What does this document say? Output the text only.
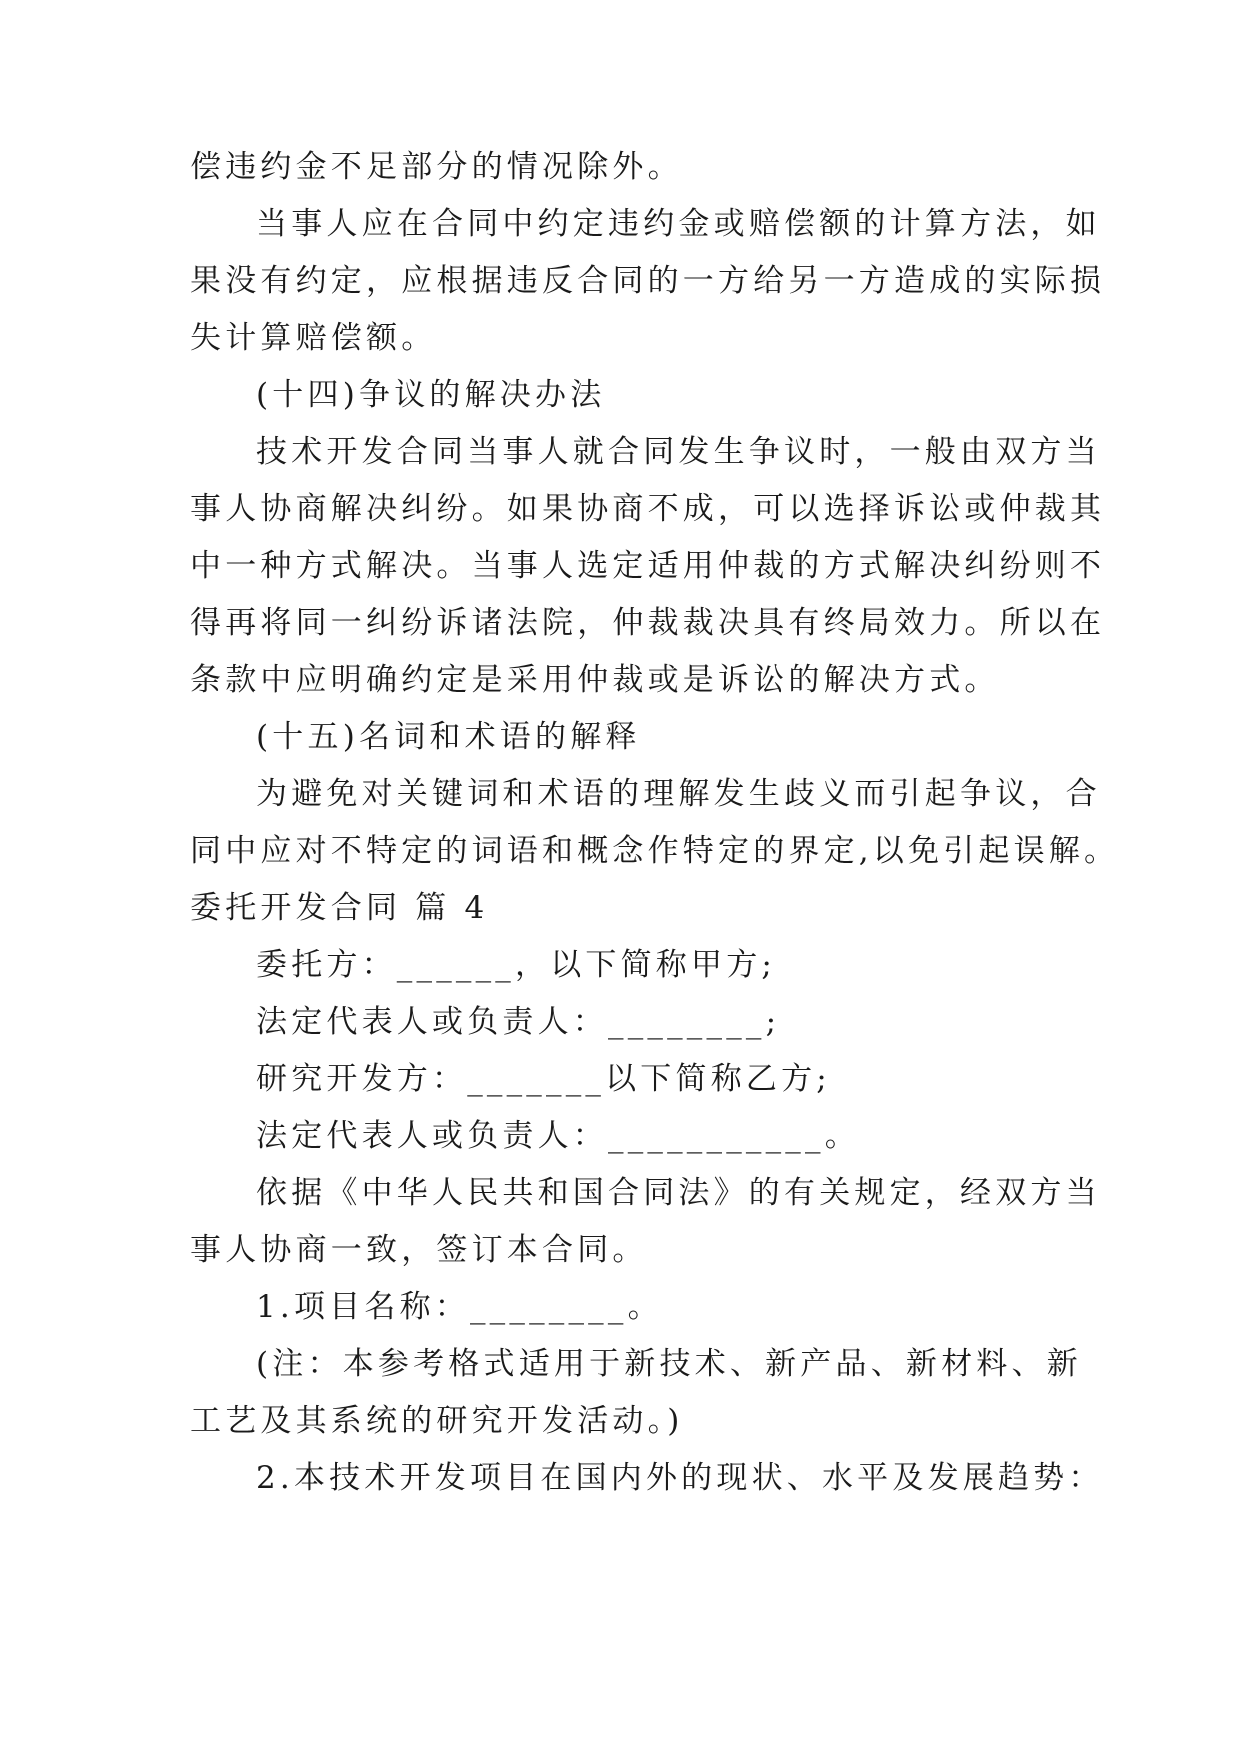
偿违约金不足部分的情况除外。
当事人应在合同中约定违约金或赔偿额的计算方法，如
果没有约定，应根据违反合同的一方给另一方造成的实际损
失计算赔偿额。
(十四)争议的解决办法
技术开发合同当事人就合同发生争议时，一般由双方当
事人协商解决纠纷。如果协商不成，可以选择诉讼或仲裁其
中一种方式解决。当事人选定适用仲裁的方式解决纠纷则不
得再将同一纠纷诉诸法院，仲裁裁决具有终局效力。所以在
条款中应明确约定是采用仲裁或是诉讼的解决方式。
(十五)名词和术语的解释
为避免对关键词和术语的理解发生歧义而引起争议，合
同中应对不特定的词语和概念作特定的界定,以免引起误解。
委托开发合同 篇 4
委托方：______，以下简称甲方;
法定代表人或负责人：________;
研究开发方：_______以下简称乙方;
法定代表人或负责人：___________。
依据《中华人民共和国合同法》的有关规定，经双方当
事人协商一致，签订本合同。
1.项目名称：________。
(注：本参考格式适用于新技术、新产品、新材料、新
工艺及其系统的研究开发活动。)
2.本技术开发项目在国内外的现状、水平及发展趋势：
